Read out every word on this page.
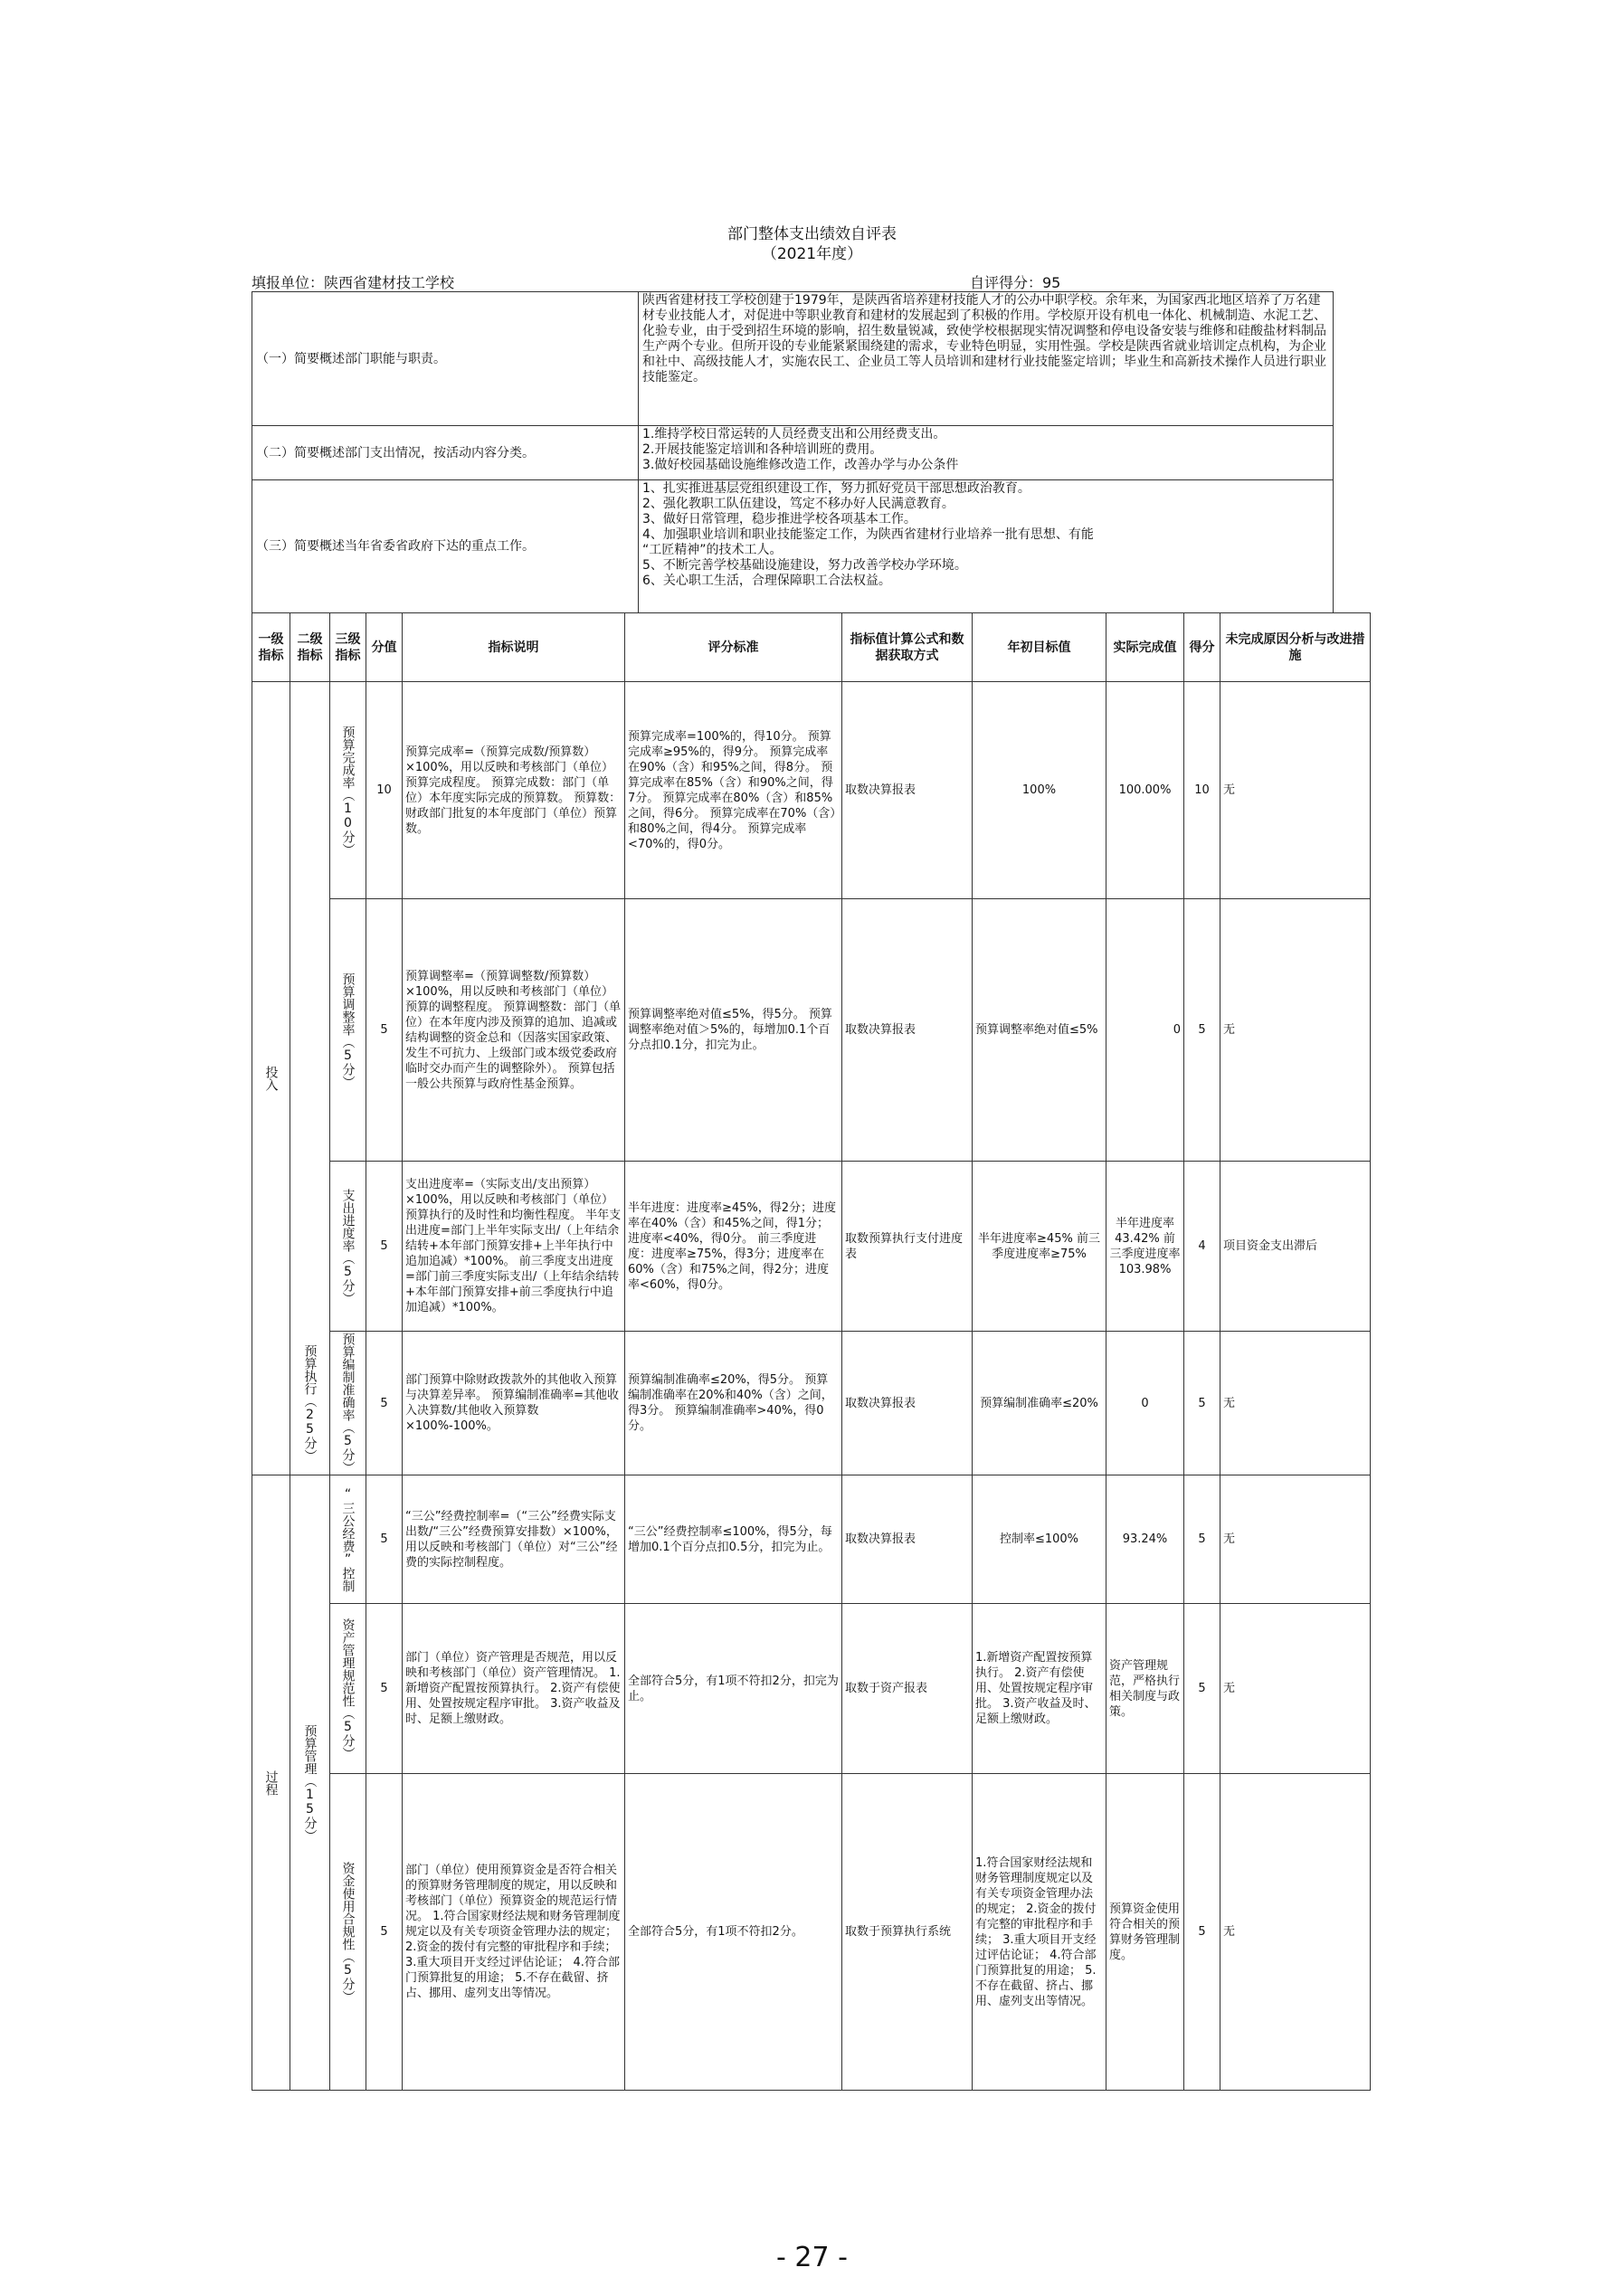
部门整体支出绩效自评表
（2021年度）
填报单位：陕西省建材技工学校	自评得分：95
（一）简要概述部门职能与职责。	陕西省建材技工学校创建于1979年，是陕西省培养建材技能人才的公办中职学校。余年来，为国家西北地区培养了万名建材专业技能人才，对促进中等职业教育和建材的发展起到了积极的作用。学校原开设有机电一体化、机械制造、水泥工艺、化验专业，由于受到招生环境的影响，招生数量锐减，致使学校根据现实情况调整和停电设备安装与维修和硅酸盐材料制品生产两个专业。但所开设的专业能紧紧围绕建的需求，专业特色明显，实用性强。学校是陕西省就业培训定点机构，为企业和社中、高级技能人才，实施农民工、企业员工等人员培训和建材行业技能鉴定培训；毕业生和高新技术操作人员进行职业技能鉴定。
（二）简要概述部门支出情况，按活动内容分类。	1.维持学校日常运转的人员经费支出和公用经费支出。
2.开展技能鉴定培训和各种培训班的费用。
3.做好校园基础设施维修改造工作，改善办学与办公条件
（三）简要概述当年省委省政府下达的重点工作。	1、扎实推进基层党组织建设工作，努力抓好党员干部思想政治教育。
2、强化教职工队伍建设，笃定不移办好人民满意教育。
3、做好日常管理，稳步推进学校各项基本工作。
4、加强职业培训和职业技能鉴定工作，为陕西省建材行业培养一批有思想、有能
“工匠精神”的技术工人。
5、不断完善学校基础设施建设，努力改善学校办学环境。
6、关心职工生活，合理保障职工合法权益。
一级指标	二级指标	三级指标	分值	指标说明	评分标准	指标值计算公式和数据获取方式	年初目标值	实际完成值	得分	未完成原因分析与改进措施

投入		预算完成率（10分）	10	预算完成率=（预算完成数/预算数）×100%，用以反映和考核部门（单位）预算完成程度。 预算完成数：部门（单位）本年度实际完成的预算数。 预算数：财政部门批复的本年度部门（单位）预算数。	预算完成率=100%的，得10分。 预算完成率≥95%的，得9分。 预算完成率在90%（含）和95%之间，得8分。 预算完成率在85%（含）和90%之间，得7分。 预算完成率在80%（含）和85%之间，得6分。 预算完成率在70%（含）和80%之间，得4分。 预算完成率<70%的，得0分。	取数决算报表	100%	100.00%	10	无

		预算调整率（5分）	5	预算调整率=（预算调整数/预算数）×100%，用以反映和考核部门（单位）预算的调整程度。 预算调整数：部门（单位）在本年度内涉及预算的追加、追减或结构调整的资金总和（因落实国家政策、发生不可抗力、上级部门或本级党委政府临时交办而产生的调整除外）。 预算包括一般公共预算与政府性基金预算。	预算调整率绝对值≤5%，得5分。 预算调整率绝对值＞5%的，每增加0.1个百分点扣0.1分，扣完为止。	取数决算报表	预算调整率绝对值≤5%	0	5	无

		支出进度率（5分）	5	支出进度率=（实际支出/支出预算）×100%，用以反映和考核部门（单位）预算执行的及时性和均衡性程度。 半年支出进度=部门上半年实际支出/（上年结余结转+本年部门预算安排+上半年执行中追加追减）*100%。 前三季度支出进度=部门前三季度实际支出/（上年结余结转+本年部门预算安排+前三季度执行中追加追减）*100%。	半年进度：进度率≥45%，得2分；进度率在40%（含）和45%之间，得1分；进度率<40%，得0分。 前三季度进度：进度率≥75%，得3分；进度率在60%（含）和75%之间，得2分；进度率<60%，得0分。	取数预算执行支付进度表	半年进度率≥45% 前三季度进度率≥75%	半年进度率43.42% 前三季度进度率103.98%	4	项目资金支出滞后

	预算执行（25分）	预算编制准确率（5分）	5	部门预算中除财政拨款外的其他收入预算与决算差异率。 预算编制准确率=其他收入决算数/其他收入预算数×100%-100%。	预算编制准确率≤20%，得5分。 预算编制准确率在20%和40%（含）之间，得3分。 预算编制准确率>40%，得0分。	取数决算报表	预算编制准确率≤20%	0	5	无

过程	预算管理（15分）	“三公经费”控制	5	“三公”经费控制率=（“三公”经费实际支出数/“三公”经费预算安排数）×100%，用以反映和考核部门（单位）对“三公”经费的实际控制程度。	“三公”经费控制率≤100%，得5分，每增加0.1个百分点扣0.5分，扣完为止。	取数决算报表	控制率≤100%	93.24%	5	无

		资产管理规范性（5分）	5	部门（单位）资产管理是否规范，用以反映和考核部门（单位）资产管理情况。 1.新增资产配置按预算执行。 2.资产有偿使用、处置按规定程序审批。 3.资产收益及时、足额上缴财政。	全部符合5分，有1项不符扣2分，扣完为止。	取数于资产报表	1.新增资产配置按预算执行。 2.资产有偿使用、处置按规定程序审批。 3.资产收益及时、足额上缴财政。	资产管理规范，严格执行相关制度与政策。	5	无

		资金使用合规性（5分）	5	部门（单位）使用预算资金是否符合相关的预算财务管理制度的规定，用以反映和考核部门（单位）预算资金的规范运行情况。 1.符合国家财经法规和财务管理制度规定以及有关专项资金管理办法的规定； 2.资金的拨付有完整的审批程序和手续； 3.重大项目开支经过评估论证； 4.符合部门预算批复的用途； 5.不存在截留、挤占、挪用、虚列支出等情况。	全部符合5分，有1项不符扣2分。	取数于预算执行系统	1.符合国家财经法规和财务管理制度规定以及有关专项资金管理办法的规定； 2.资金的拨付有完整的审批程序和手续； 3.重大项目开支经过评估论证； 4.符合部门预算批复的用途； 5.不存在截留、挤占、挪用、虚列支出等情况。	预算资金使用符合相关的预算财务管理制度。	5	无
- 27 -
